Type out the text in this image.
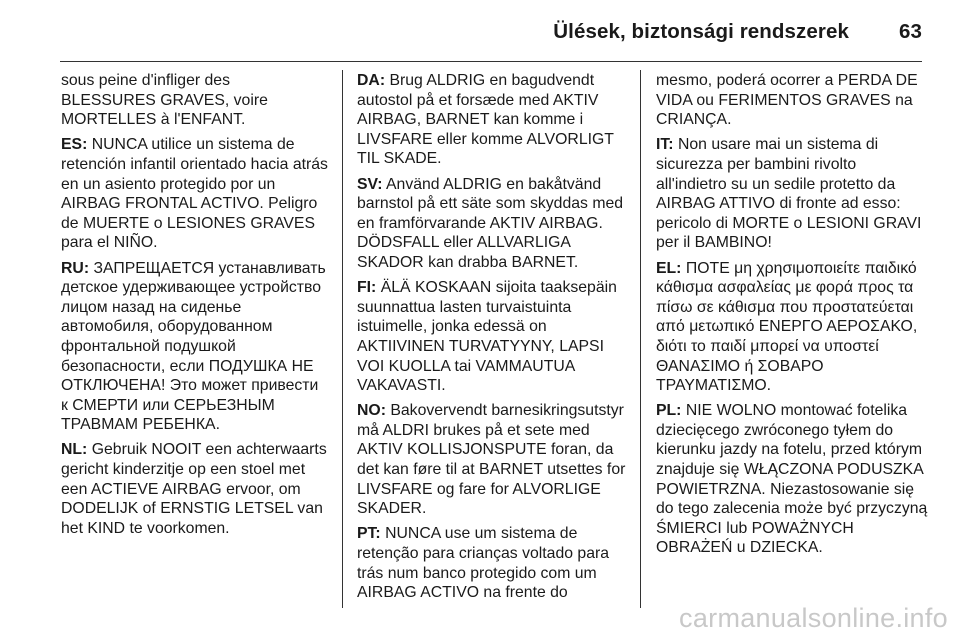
Ülések, biztonsági rendszerek 63

sous peine d'infliger des BLESSURES GRAVES, voire MORTELLES à l'ENFANT.

ES: NUNCA utilice un sistema de retención infantil orientado hacia atrás en un asiento protegido por un AIRBAG FRONTAL ACTIVO. Peligro de MUERTE o LESIONES GRAVES para el NIÑO.

RU: ЗАПРЕЩАЕТСЯ устанавливать детское удерживающее устройство лицом назад на сиденье автомобиля, оборудованном фронтальной подушкой безопасности, если ПОДУШКА НЕ ОТКЛЮЧЕНА! Это может привести к СМЕРТИ или СЕРЬЕЗНЫМ ТРАВМАМ РЕБЕНКА.

NL: Gebruik NOOIT een achterwaarts gericht kinderzitje op een stoel met een ACTIEVE AIRBAG ervoor, om DODELIJK of ERNSTIG LETSEL van het KIND te voorkomen.

DA: Brug ALDRIG en bagudvendt autostol på et forsæde med AKTIV AIRBAG, BARNET kan komme i LIVSFARE eller komme ALVORLIGT TIL SKADE.

SV: Använd ALDRIG en bakåtvänd barnstol på ett säte som skyddas med en framförvarande AKTIV AIRBAG. DÖDSFALL eller ALLVARLIGA SKADOR kan drabba BARNET.

FI: ÄLÄ KOSKAAN sijoita taaksepäin suunnattua lasten turvaistuinta istuimelle, jonka edessä on AKTIIVINEN TURVATYYNY, LAPSI VOI KUOLLA tai VAMMAUTUA VAKAVASTI.

NO: Bakovervendt barnesikringsutstyr må ALDRI brukes på et sete med AKTIV KOLLISJONSPUTE foran, da det kan føre til at BARNET utsettes for LIVSFARE og fare for ALVORLIGE SKADER.

PT: NUNCA use um sistema de retenção para crianças voltado para trás num banco protegido com um AIRBAG ACTIVO na frente do

mesmo, poderá ocorrer a PERDA DE VIDA ou FERIMENTOS GRAVES na CRIANÇA.

IT: Non usare mai un sistema di sicurezza per bambini rivolto all'indietro su un sedile protetto da AIRBAG ATTIVO di fronte ad esso: pericolo di MORTE o LESIONI GRAVI per il BAMBINO!

EL: ΠΟΤΕ μη χρησιμοποιείτε παιδικό κάθισμα ασφαλείας με φορά προς τα πίσω σε κάθισμα που προστατεύεται από μετωπικό ΕΝΕΡΓΟ ΑΕΡΟΣΑΚΟ, διότι το παιδί μπορεί να υποστεί ΘΑΝΑΣΙΜΟ ή ΣΟΒΑΡΟ ΤΡΑΥΜΑΤΙΣΜΟ.

PL: NIE WOLNO montować fotelika dziecięcego zwróconego tyłem do kierunku jazdy na fotelu, przed którym znajduje się WŁĄCZONA PODUSZKA POWIETRZNA. Niezastosowanie się do tego zalecenia może być przyczyną ŚMIERCI lub POWAŻNYCH OBRAŻEŃ u DZIECKA.

carmanualsonline.info
